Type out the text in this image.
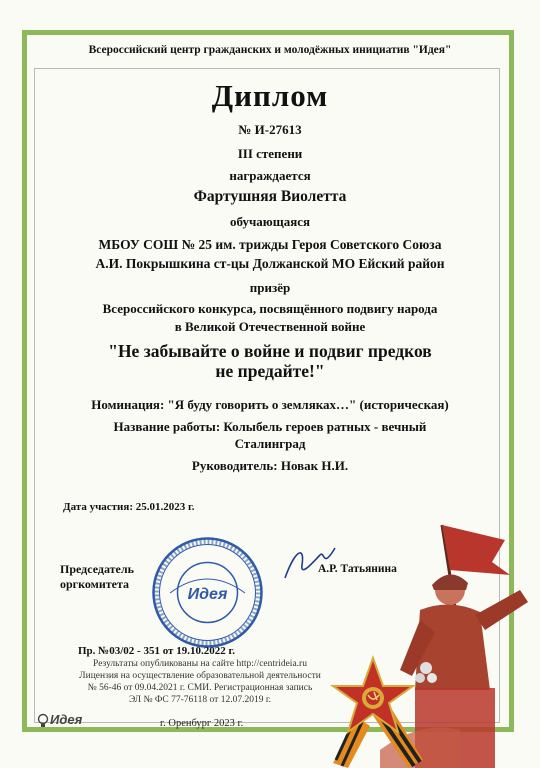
Всероссийский центр гражданских и молодёжных инициатив "Идея"
Диплом
№ И-27613
III степени
награждается
Фартушняя Виолетта
обучающаяся
МБОУ СОШ № 25 им. трижды Героя Советского Союза
А.И. Покрышкина ст-цы Должанской МО Ейский район
призёр
Всероссийского конкурса, посвящённого подвигу народа
в Великой Отечественной войне
"Не забывайте о войне и подвиг предков
не предайте!"
Номинация: "Я буду говорить о земляках…" (историческая)
Название работы: Колыбель героев ратных - вечный
Сталинград
Руководитель: Новак Н.И.
Дата участия: 25.01.2023 г.
Председатель
оргкомитета
Идея
А.Р. Татьянина
Пр. №03/02 - 351 от 19.10.2022 г.
Результаты опубликованы на сайте http://centrideia.ru
Лицензия на осуществление образовательной деятельности
№ 56-46 от 09.04.2021 г. СМИ. Регистрационная запись
ЭЛ № ФС 77-76118 от 12.07.2019 г.
Идея	г. Оренбург 2023 г.
